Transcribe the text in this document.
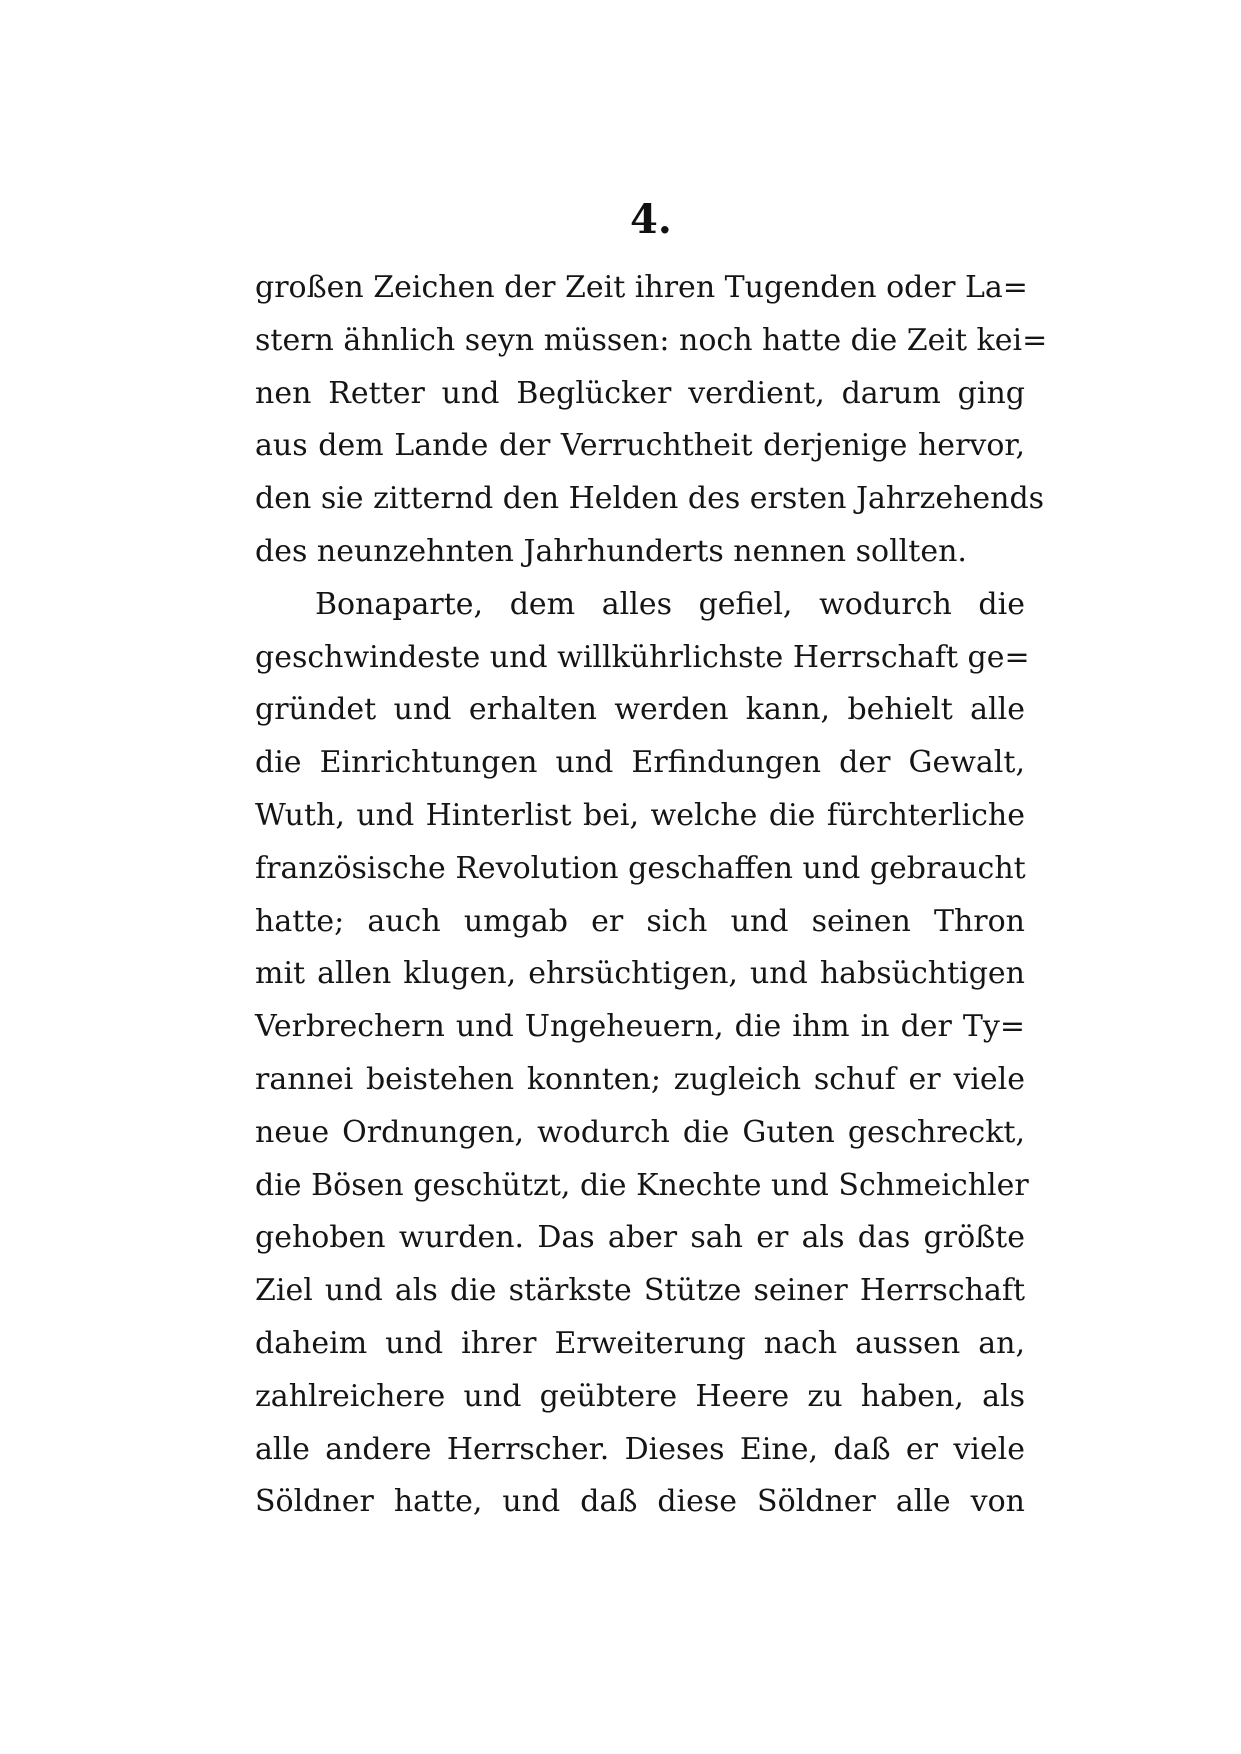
4.
großen Zeichen der Zeit ihren Tugenden oder La=
stern ähnlich seyn müssen: noch hatte die Zeit kei=
nen Retter und Beglücker verdient, darum ging
aus dem Lande der Verruchtheit derjenige hervor,
den sie zitternd den Helden des ersten Jahrzehends
des neunzehnten Jahrhunderts nennen sollten.
Bonaparte, dem alles gefiel, wodurch die
geschwindeste und willkührlichste Herrschaft ge=
gründet und erhalten werden kann, behielt alle
die Einrichtungen und Erfindungen der Gewalt,
Wuth, und Hinterlist bei, welche die fürchterliche
französische Revolution geschaffen und gebraucht
hatte; auch umgab er sich und seinen Thron
mit allen klugen, ehrsüchtigen, und habsüchtigen
Verbrechern und Ungeheuern, die ihm in der Ty=
rannei beistehen konnten; zugleich schuf er viele
neue Ordnungen, wodurch die Guten geschreckt,
die Bösen geschützt, die Knechte und Schmeichler
gehoben wurden. Das aber sah er als das größte
Ziel und als die stärkste Stütze seiner Herrschaft
daheim und ihrer Erweiterung nach aussen an,
zahlreichere und geübtere Heere zu haben, als
alle andere Herrscher. Dieses Eine, daß er viele
Söldner hatte, und daß diese Söldner alle von
